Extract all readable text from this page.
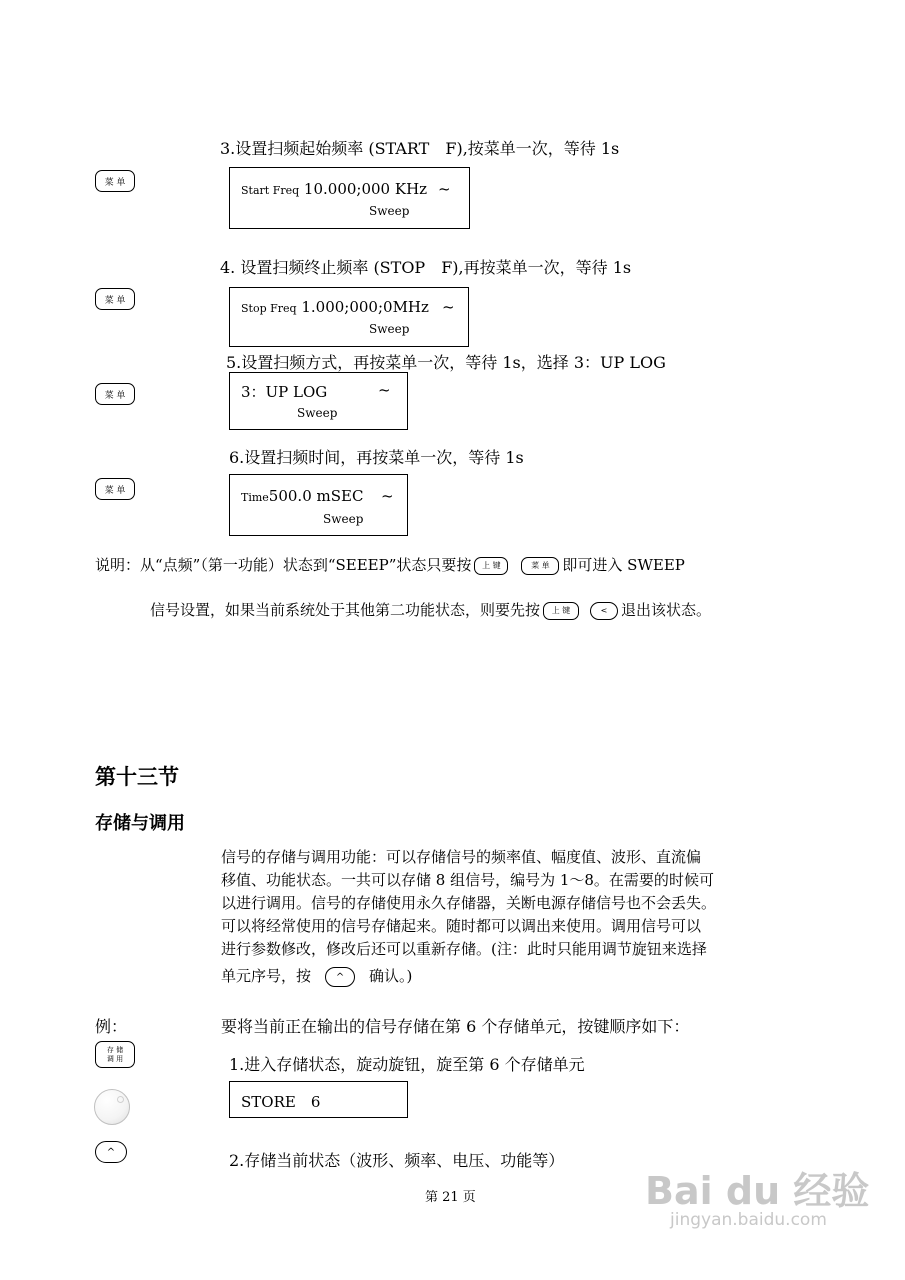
3.设置扫频起始频率 (START　F),按菜单一次，等待 1s
菜 单
Start Freq 10.000;000 KHz ~
Sweep
4. 设置扫频终止频率 (STOP　F),再按菜单一次，等待 1s
菜 单
Stop Freq 1.000;000;0MHz ~
Sweep
5.设置扫频方式，再按菜单一次，等待 1s，选择 3：UP LOG
菜 单	3：UP LOG	~
Sweep
6.设置扫频时间，再按菜单一次，等待 1s
菜 单
Time500.0 mSEC ~
Sweep
说明：从“点频”（第一功能）状态到“SEEEP”状态只要按 上 键	菜 单 即可进入 SWEEP
信号设置，如果当前系统处于其他第二功能状态，则要先按 上 键	< 退出该状态。
第十三节
存储与调用
信号的存储与调用功能：可以存储信号的频率值、幅度值、波形、直流偏
移值、功能状态。一共可以存储 8 组信号，编号为 1～8。在需要的时候可
以进行调用。信号的存储使用永久存储器，关断电源存储信号也不会丢失。
可以将经常使用的信号存储起来。随时都可以调出来使用。调用信号可以
进行参数修改，修改后还可以重新存储。(注：此时只能用调节旋钮来选择
单元序号，按 ^ 确认。)
例：	要将当前正在输出的信号存储在第 6 个存储单元，按键顺序如下：
存 储
调 用	1.进入存储状态，旋动旋钮，旋至第 6 个存储单元
STORE　6
^	2.存储当前状态（波形、频率、电压、功能等）
第 21 页	Bai du 经验
jingyan.baidu.com
